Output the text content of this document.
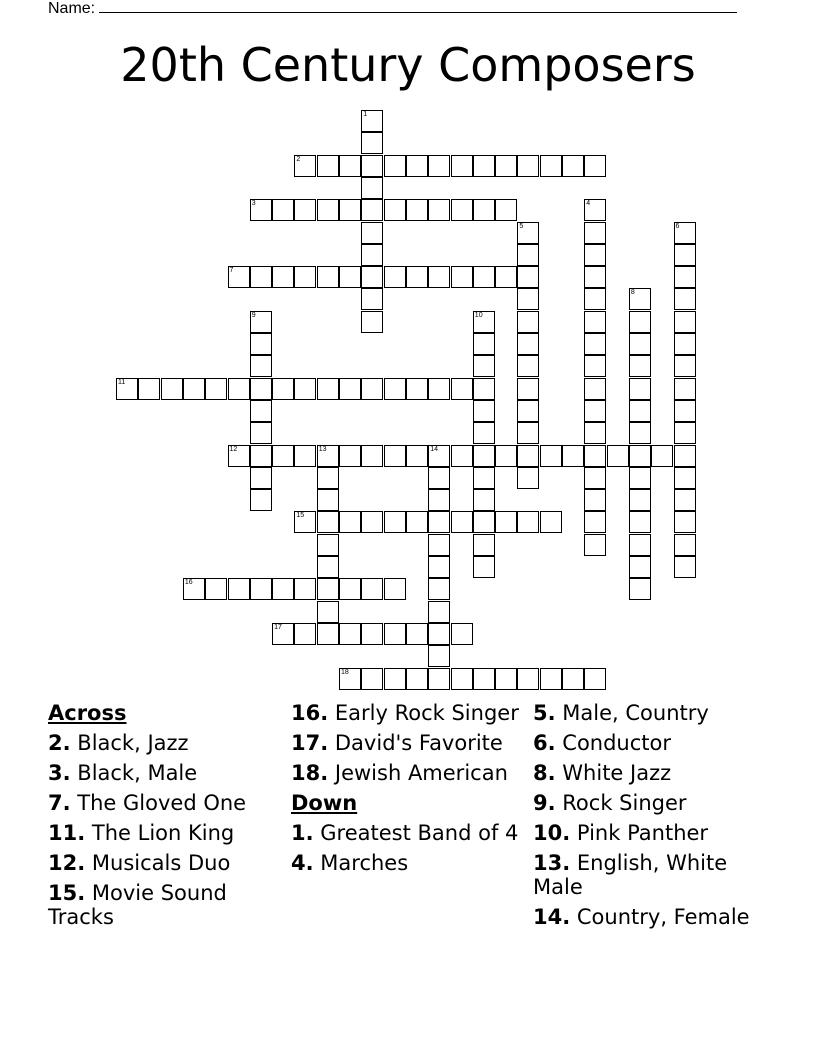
Name:
20th Century Composers
1
2
3	4
5	6
7
8
9	10
11
12	13	14
15
16
17
18
Across
2. Black, Jazz
3. Black, Male
7. The Gloved One
11. The Lion King
12. Musicals Duo
15. Movie Sound Tracks
16. Early Rock Singer
17. David's Favorite
18. Jewish American
Down
1. Greatest Band of 4
4. Marches
5. Male, Country
6. Conductor
8. White Jazz
9. Rock Singer
10. Pink Panther
13. English, White Male
14. Country, Female
